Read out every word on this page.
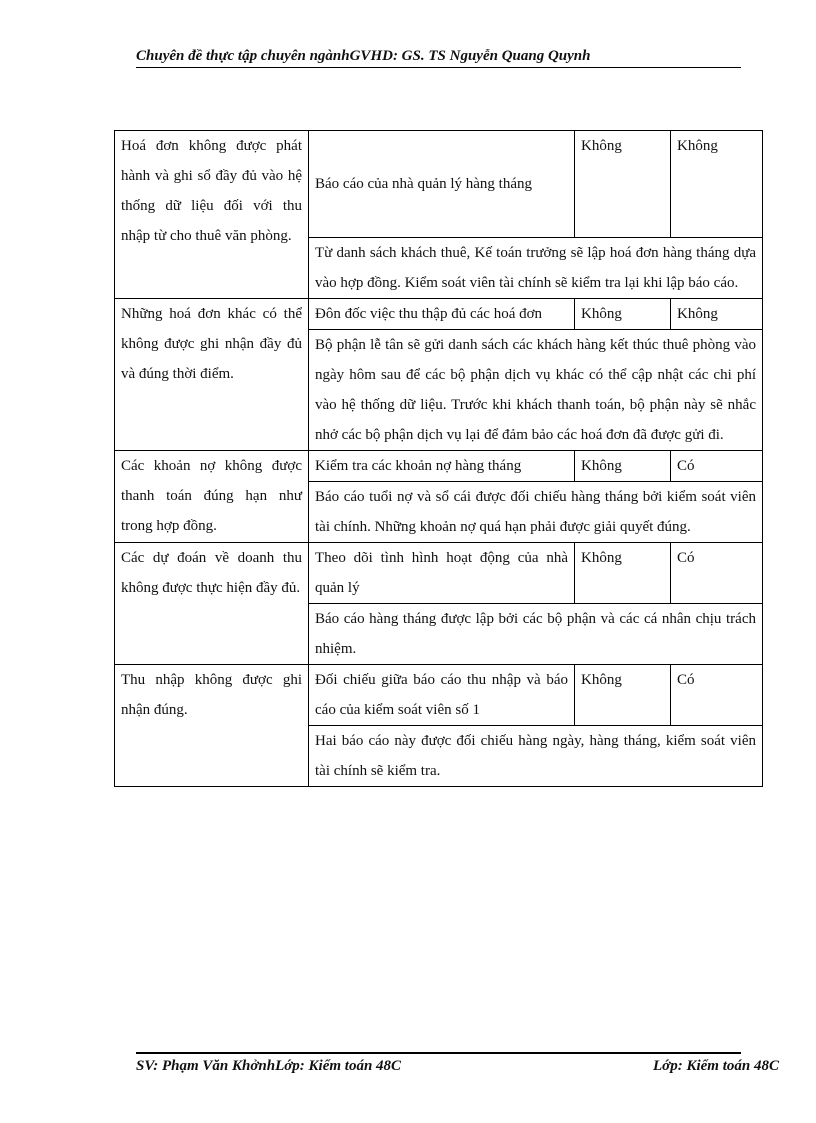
Chuyên đề thực tập chuyên ngànhGVHD: GS. TS Nguyễn Quang Quynh
Hoá đơn không được phát hành và ghi sổ đầy đủ vào hệ thống dữ liệu đối với thu nhập từ cho thuê văn phòng.	Báo cáo của nhà quản lý hàng tháng	Không	Không
	Từ danh sách khách thuê, Kế toán trưởng sẽ lập hoá đơn hàng tháng dựa vào hợp đồng. Kiểm soát viên tài chính sẽ kiểm tra lại khi lập báo cáo.		
Những hoá đơn khác có thể không được ghi nhận đầy đủ và đúng thời điểm.	Đôn đốc việc thu thập đủ các hoá đơn	Không	Không
	Bộ phận lễ tân sẽ gửi danh sách các khách hàng kết thúc thuê phòng vào ngày hôm sau để các bộ phận dịch vụ khác có thể cập nhật các chi phí vào hệ thống dữ liệu. Trước khi khách thanh toán, bộ phận này sẽ nhắc nhở các bộ phận dịch vụ lại để đảm bảo các hoá đơn đã được gửi đi.		
Các khoản nợ không được thanh toán đúng hạn như trong hợp đồng.	Kiểm tra các khoản nợ hàng tháng	Không	Có
	Báo cáo tuổi nợ và sổ cái được đối chiếu hàng tháng bởi kiểm soát viên tài chính. Những khoản nợ quá hạn phải được giải quyết đúng.		
Các dự đoán về doanh thu không được thực hiện đầy đủ.	Theo dõi tình hình hoạt động của nhà quản lý	Không	Có
	Báo cáo hàng tháng được lập bởi các bộ phận và các cá nhân chịu trách nhiệm.		
Thu nhập không được ghi nhận đúng.	Đối chiếu giữa báo cáo thu nhập và báo cáo của kiểm soát viên số 1	Không	Có
	Hai báo cáo này được đối chiếu hàng ngày, hàng tháng, kiểm soát viên tài chính sẽ kiểm tra.		
SV: Phạm Văn KhởnhLớp: Kiểm toán 48C	Lớp: Kiểm toán 48C
